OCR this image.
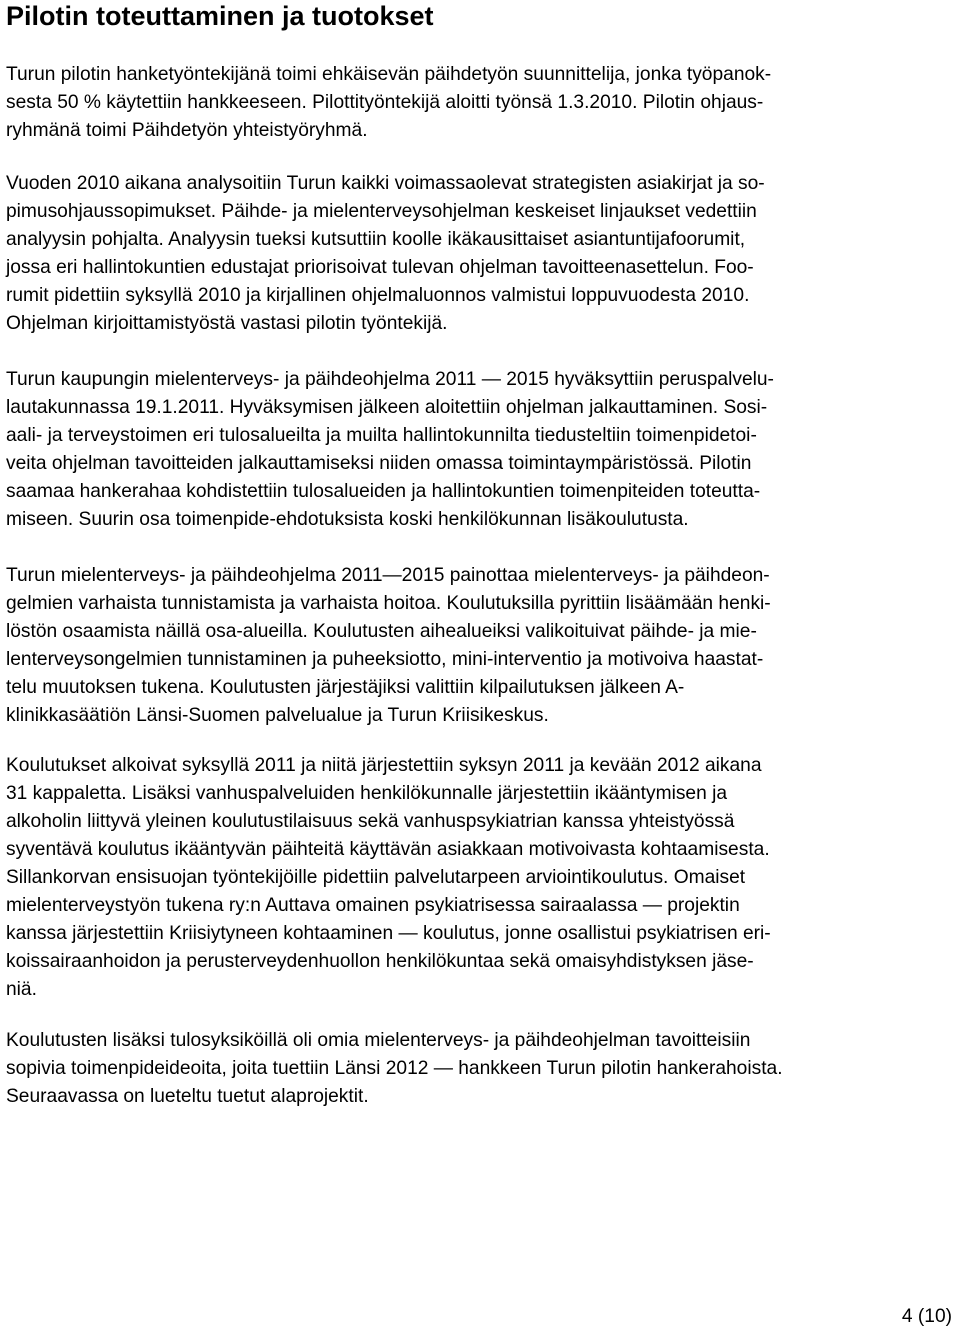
Pilotin toteuttaminen ja tuotokset

Turun pilotin hanketyöntekijänä toimi ehkäisevän päihdetyön suunnittelija, jonka työpanok-

sesta 50 % käytettiin hankkeeseen. Pilottityöntekijä aloitti työnsä 1.3.2010. Pilotin ohjaus-

ryhmänä toimi Päihdetyön yhteistyöryhmä.

Vuoden 2010 aikana analysoitiin Turun kaikki voimassaolevat strategisten asiakirjat ja so-

pimusohjaussopimukset. Päihde- ja mielenterveysohjelman keskeiset linjaukset vedettiin

analyysin pohjalta. Analyysin tueksi kutsuttiin koolle ikäkausittaiset asiantuntijafoorumit,

jossa eri hallintokuntien edustajat priorisoivat tulevan ohjelman tavoitteenasettelun. Foo-

rumit pidettiin syksyllä 2010 ja kirjallinen ohjelmaluonnos valmistui loppuvuodesta 2010.

Ohjelman kirjoittamistyöstä vastasi pilotin työntekijä.

Turun kaupungin mielenterveys- ja päihdeohjelma 2011 — 2015 hyväksyttiin peruspalvelu-

lautakunnassa 19.1.2011. Hyväksymisen jälkeen aloitettiin ohjelman jalkauttaminen. Sosi-

aali- ja terveystoimen eri tulosalueilta ja muilta hallintokunnilta tiedusteltiin toimenpidetoi-

veita ohjelman tavoitteiden jalkauttamiseksi niiden omassa toimintaympäristössä. Pilotin

saamaa hankerahaa kohdistettiin tulosalueiden ja hallintokuntien toimenpiteiden toteutta-

miseen. Suurin osa toimenpide-ehdotuksista koski henkilökunnan lisäkoulutusta.

Turun mielenterveys- ja päihdeohjelma 2011—2015 painottaa mielenterveys- ja päihdeon-

gelmien varhaista tunnistamista ja varhaista hoitoa. Koulutuksilla pyrittiin lisäämään henki-

löstön osaamista näillä osa-alueilla. Koulutusten aihealueiksi valikoituivat päihde- ja mie-

lenterveysongelmien tunnistaminen ja puheeksiotto, mini-interventio ja motivoiva haastat-

telu muutoksen tukena. Koulutusten järjestäjiksi valittiin kilpailutuksen jälkeen A-

klinikkasäätiön Länsi-Suomen palvelualue ja Turun Kriisikeskus.

Koulutukset alkoivat syksyllä 2011 ja niitä järjestettiin syksyn 2011 ja kevään 2012 aikana

31 kappaletta. Lisäksi vanhuspalveluiden henkilökunnalle järjestettiin ikääntymisen ja

alkoholin liittyvä yleinen koulutustilaisuus sekä vanhuspsykiatrian kanssa yhteistyössä

syventävä koulutus ikääntyvän päihteitä käyttävän asiakkaan motivoivasta kohtaamisesta.

Sillankorvan ensisuojan työntekijöille pidettiin palvelutarpeen arviointikoulutus. Omaiset

mielenterveystyön tukena ry:n Auttava omainen psykiatrisessa sairaalassa — projektin

kanssa järjestettiin Kriisiytyneen kohtaaminen — koulutus, jonne osallistui psykiatrisen eri-

koissairaanhoidon ja perusterveydenhuollon henkilökuntaa sekä omaisyhdistyksen jäse-

niä.

Koulutusten lisäksi tulosyksiköillä oli omia mielenterveys- ja päihdeohjelman tavoitteisiin

sopivia toimenpideideoita, joita tuettiin Länsi 2012 — hankkeen Turun pilotin hankerahoista.

Seuraavassa on lueteltu tuetut alaprojektit.

4 (10)
